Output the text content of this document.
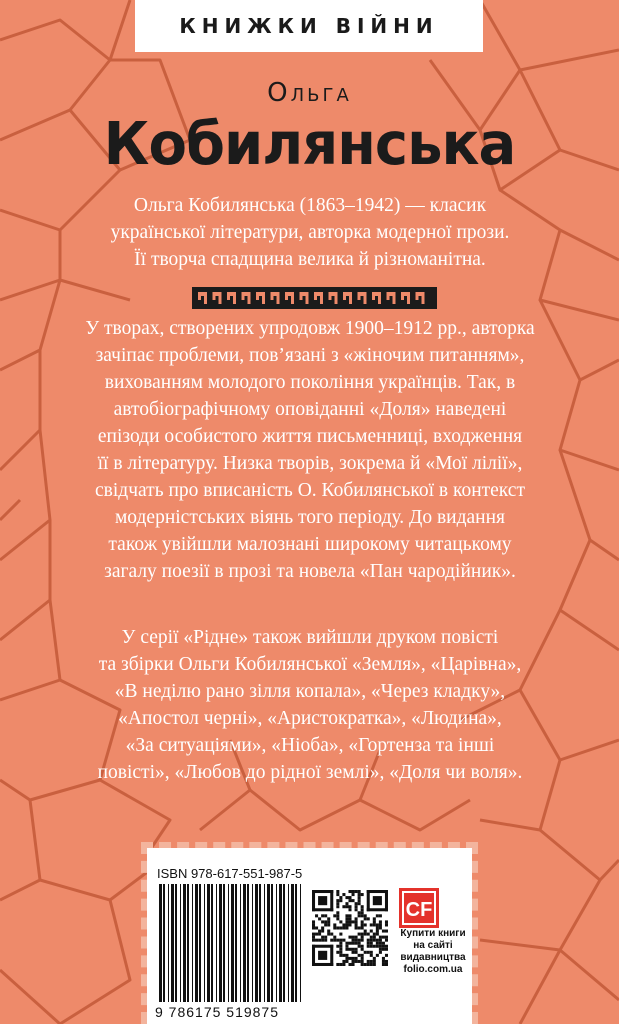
КНИЖКИ ВІЙНИ
Ольга
Кобилянська
Ольга Кобилянська (1863–1942) — класик
української літератури, авторка модерної прози.
Її творча спадщина велика й різноманітна.
У творах, створених упродовж 1900–1912 рр., авторка
зачіпає проблеми, пов’язані з «жіночим питанням»,
вихованням молодого покоління українців. Так, в
автобіографічному оповіданні «Доля» наведені
епізоди особистого життя письменниці, входження
її в літературу. Низка творів, зокрема й «Мої лілії»,
свідчать про вписаність О. Кобилянської в контекст
модерністських віянь того періоду. До видання
також увійшли малознані широкому читацькому
загалу поезії в прозі та новела «Пан чародійник».
У серії «Рідне» також вийшли друком повісті
та збірки Ольги Кобилянської «Земля», «Царівна»,
«В неділю рано зілля копала», «Через кладку»,
«Апостол черні», «Аристократка», «Людина»,
«За ситуаціями», «Ніоба», «Гортенза та інші
повісті», «Любов до рідної землі», «Доля чи воля».
ISBN 978-617-551-987-5
9 786175 519875
CF
Купити книги
на сайті
видавництва
folio.com.ua
